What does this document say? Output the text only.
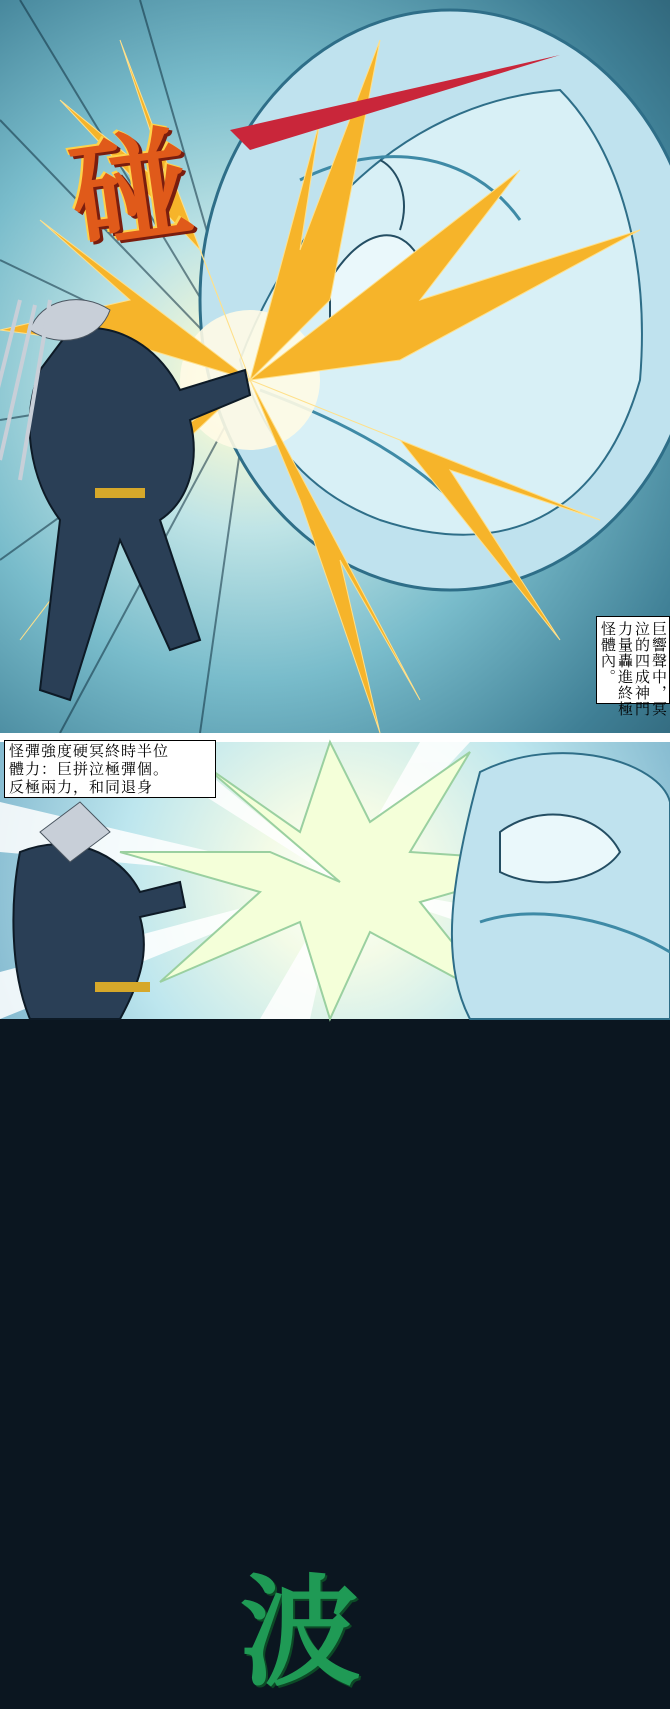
碰
巨響聲中，冥
泣的四成神門
力量轟進終極
怪體內。
波
怪彈強度硬冥終時半位
體力：巨拼泣極彈個。
反極兩力，和同退身
